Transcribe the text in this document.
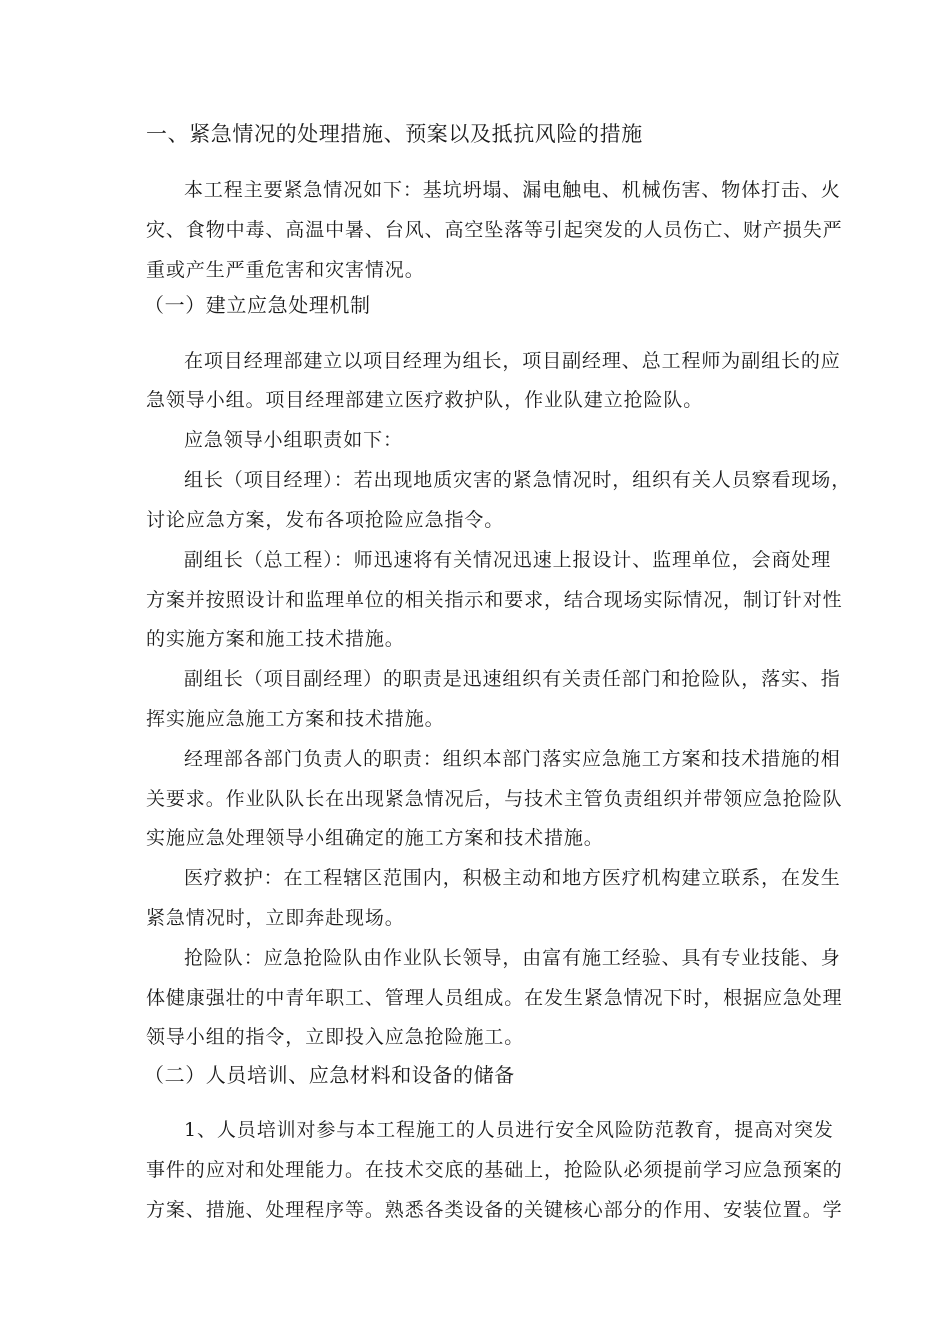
一、紧急情况的处理措施、预案以及抵抗风险的措施
本工程主要紧急情况如下：基坑坍塌、漏电触电、机械伤害、物体打击、火
灾、食物中毒、高温中暑、台风、高空坠落等引起突发的人员伤亡、财产损失严
重或产生严重危害和灾害情况。
（一）建立应急处理机制
在项目经理部建立以项目经理为组长，项目副经理、总工程师为副组长的应
急领导小组。项目经理部建立医疗救护队，作业队建立抢险队。
应急领导小组职责如下：
组长（项目经理）：若出现地质灾害的紧急情况时，组织有关人员察看现场，
讨论应急方案，发布各项抢险应急指令。
副组长（总工程）：师迅速将有关情况迅速上报设计、监理单位，会商处理
方案并按照设计和监理单位的相关指示和要求，结合现场实际情况，制订针对性
的实施方案和施工技术措施。
副组长（项目副经理）的职责是迅速组织有关责任部门和抢险队，落实、指
挥实施应急施工方案和技术措施。
经理部各部门负责人的职责：组织本部门落实应急施工方案和技术措施的相
关要求。作业队队长在出现紧急情况后，与技术主管负责组织并带领应急抢险队
实施应急处理领导小组确定的施工方案和技术措施。
医疗救护：在工程辖区范围内，积极主动和地方医疗机构建立联系，在发生
紧急情况时，立即奔赴现场。
抢险队：应急抢险队由作业队长领导，由富有施工经验、具有专业技能、身
体健康强壮的中青年职工、管理人员组成。在发生紧急情况下时，根据应急处理
领导小组的指令，立即投入应急抢险施工。
（二）人员培训、应急材料和设备的储备
1、人员培训对参与本工程施工的人员进行安全风险防范教育，提高对突发
事件的应对和处理能力。在技术交底的基础上，抢险队必须提前学习应急预案的
方案、措施、处理程序等。熟悉各类设备的关键核心部分的作用、安装位置。学
